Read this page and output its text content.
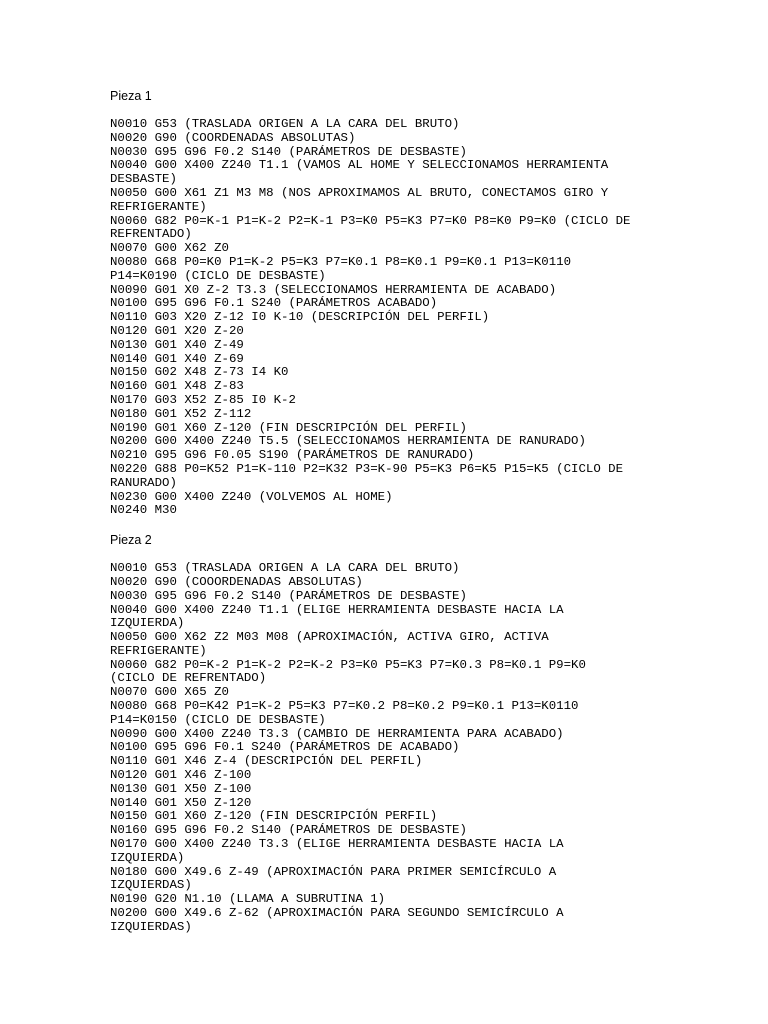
Pieza 1
N0010 G53 (TRASLADA ORIGEN A LA CARA DEL BRUTO)
N0020 G90 (COORDENADAS ABSOLUTAS)
N0030 G95 G96 F0.2 S140 (PARÁMETROS DE DESBASTE)
N0040 G00 X400 Z240 T1.1 (VAMOS AL HOME Y SELECCIONAMOS HERRAMIENTA
DESBASTE)
N0050 G00 X61 Z1 M3 M8 (NOS APROXIMAMOS AL BRUTO, CONECTAMOS GIRO Y
REFRIGERANTE)
N0060 G82 P0=K-1 P1=K-2 P2=K-1 P3=K0 P5=K3 P7=K0 P8=K0 P9=K0 (CICLO DE
REFRENTADO)
N0070 G00 X62 Z0
N0080 G68 P0=K0 P1=K-2 P5=K3 P7=K0.1 P8=K0.1 P9=K0.1 P13=K0110
P14=K0190 (CICLO DE DESBASTE)
N0090 G01 X0 Z-2 T3.3 (SELECCIONAMOS HERRAMIENTA DE ACABADO)
N0100 G95 G96 F0.1 S240 (PARÁMETROS ACABADO)
N0110 G03 X20 Z-12 I0 K-10 (DESCRIPCIÓN DEL PERFIL)
N0120 G01 X20 Z-20
N0130 G01 X40 Z-49
N0140 G01 X40 Z-69
N0150 G02 X48 Z-73 I4 K0
N0160 G01 X48 Z-83
N0170 G03 X52 Z-85 I0 K-2
N0180 G01 X52 Z-112
N0190 G01 X60 Z-120 (FIN DESCRIPCIÓN DEL PERFIL)
N0200 G00 X400 Z240 T5.5 (SELECCIONAMOS HERRAMIENTA DE RANURADO)
N0210 G95 G96 F0.05 S190 (PARÁMETROS DE RANURADO)
N0220 G88 P0=K52 P1=K-110 P2=K32 P3=K-90 P5=K3 P6=K5 P15=K5 (CICLO DE
RANURADO)
N0230 G00 X400 Z240 (VOLVEMOS AL HOME)
N0240 M30
Pieza 2
N0010 G53 (TRASLADA ORIGEN A LA CARA DEL BRUTO)
N0020 G90 (COOORDENADAS ABSOLUTAS)
N0030 G95 G96 F0.2 S140 (PARÁMETROS DE DESBASTE)
N0040 G00 X400 Z240 T1.1 (ELIGE HERRAMIENTA DESBASTE HACIA LA
IZQUIERDA)
N0050 G00 X62 Z2 M03 M08 (APROXIMACIÓN, ACTIVA GIRO, ACTIVA
REFRIGERANTE)
N0060 G82 P0=K-2 P1=K-2 P2=K-2 P3=K0 P5=K3 P7=K0.3 P8=K0.1 P9=K0
(CICLO DE REFRENTADO)
N0070 G00 X65 Z0
N0080 G68 P0=K42 P1=K-2 P5=K3 P7=K0.2 P8=K0.2 P9=K0.1 P13=K0110
P14=K0150 (CICLO DE DESBASTE)
N0090 G00 X400 Z240 T3.3 (CAMBIO DE HERRAMIENTA PARA ACABADO)
N0100 G95 G96 F0.1 S240 (PARÁMETROS DE ACABADO)
N0110 G01 X46 Z-4 (DESCRIPCIÓN DEL PERFIL)
N0120 G01 X46 Z-100
N0130 G01 X50 Z-100
N0140 G01 X50 Z-120
N0150 G01 X60 Z-120 (FIN DESCRIPCIÓN PERFIL)
N0160 G95 G96 F0.2 S140 (PARÁMETROS DE DESBASTE)
N0170 G00 X400 Z240 T3.3 (ELIGE HERRAMIENTA DESBASTE HACIA LA
IZQUIERDA)
N0180 G00 X49.6 Z-49 (APROXIMACIÓN PARA PRIMER SEMICÍRCULO A
IZQUIERDAS)
N0190 G20 N1.10 (LLAMA A SUBRUTINA 1)
N0200 G00 X49.6 Z-62 (APROXIMACIÓN PARA SEGUNDO SEMICÍRCULO A
IZQUIERDAS)
